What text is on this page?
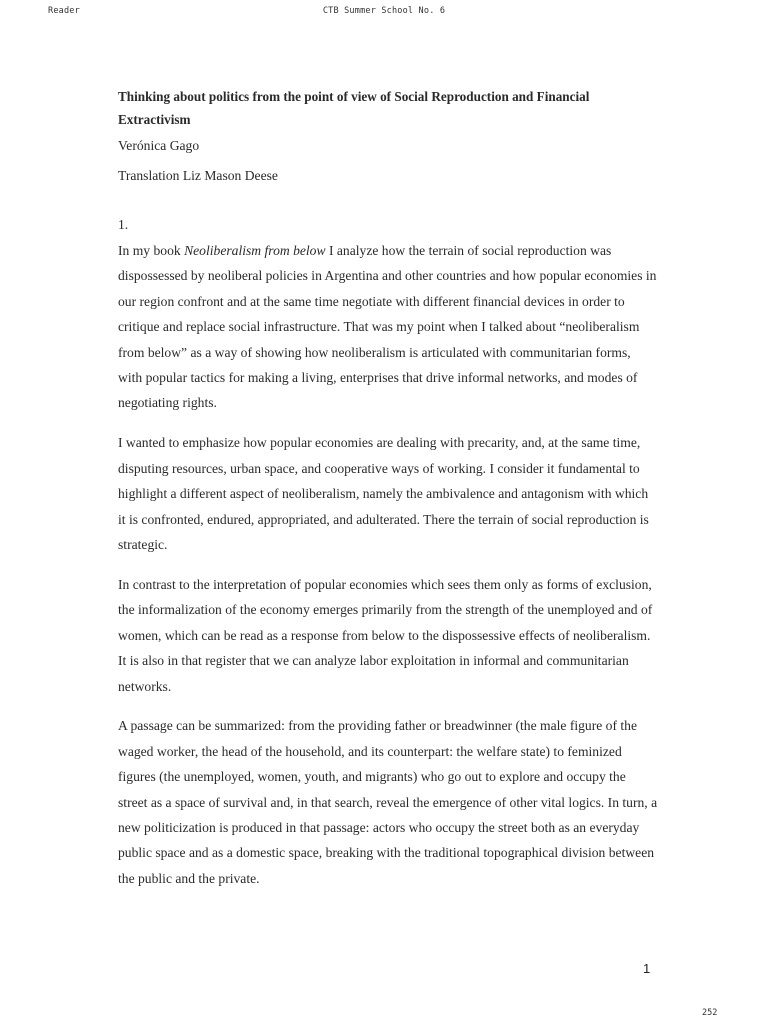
Reader	CTB Summer School No. 6
Thinking about politics from the point of view of Social Reproduction and Financial Extractivism
Verónica Gago
Translation Liz Mason Deese
1.

In my book Neoliberalism from below I analyze how the terrain of social reproduction was dispossessed by neoliberal policies in Argentina and other countries and how popular economies in our region confront and at the same time negotiate with different financial devices in order to critique and replace social infrastructure. That was my point when I talked about “neoliberalism from below” as a way of showing how neoliberalism is articulated with communitarian forms, with popular tactics for making a living, enterprises that drive informal networks, and modes of negotiating rights.

I wanted to emphasize how popular economies are dealing with precarity, and, at the same time, disputing resources, urban space, and cooperative ways of working. I consider it fundamental to highlight a different aspect of neoliberalism, namely the ambivalence and antagonism with which it is confronted, endured, appropriated, and adulterated. There the terrain of social reproduction is strategic.

In contrast to the interpretation of popular economies which sees them only as forms of exclusion, the informalization of the economy emerges primarily from the strength of the unemployed and of women, which can be read as a response from below to the dispossessive effects of neoliberalism. It is also in that register that we can analyze labor exploitation in informal and communitarian networks.

A passage can be summarized: from the providing father or breadwinner (the male figure of the waged worker, the head of the household, and its counterpart: the welfare state) to feminized figures (the unemployed, women, youth, and migrants) who go out to explore and occupy the street as a space of survival and, in that search, reveal the emergence of other vital logics. In turn, a new politicization is produced in that passage: actors who occupy the street both as an everyday public space and as a domestic space, breaking with the traditional topographical division between the public and the private.

1
252
